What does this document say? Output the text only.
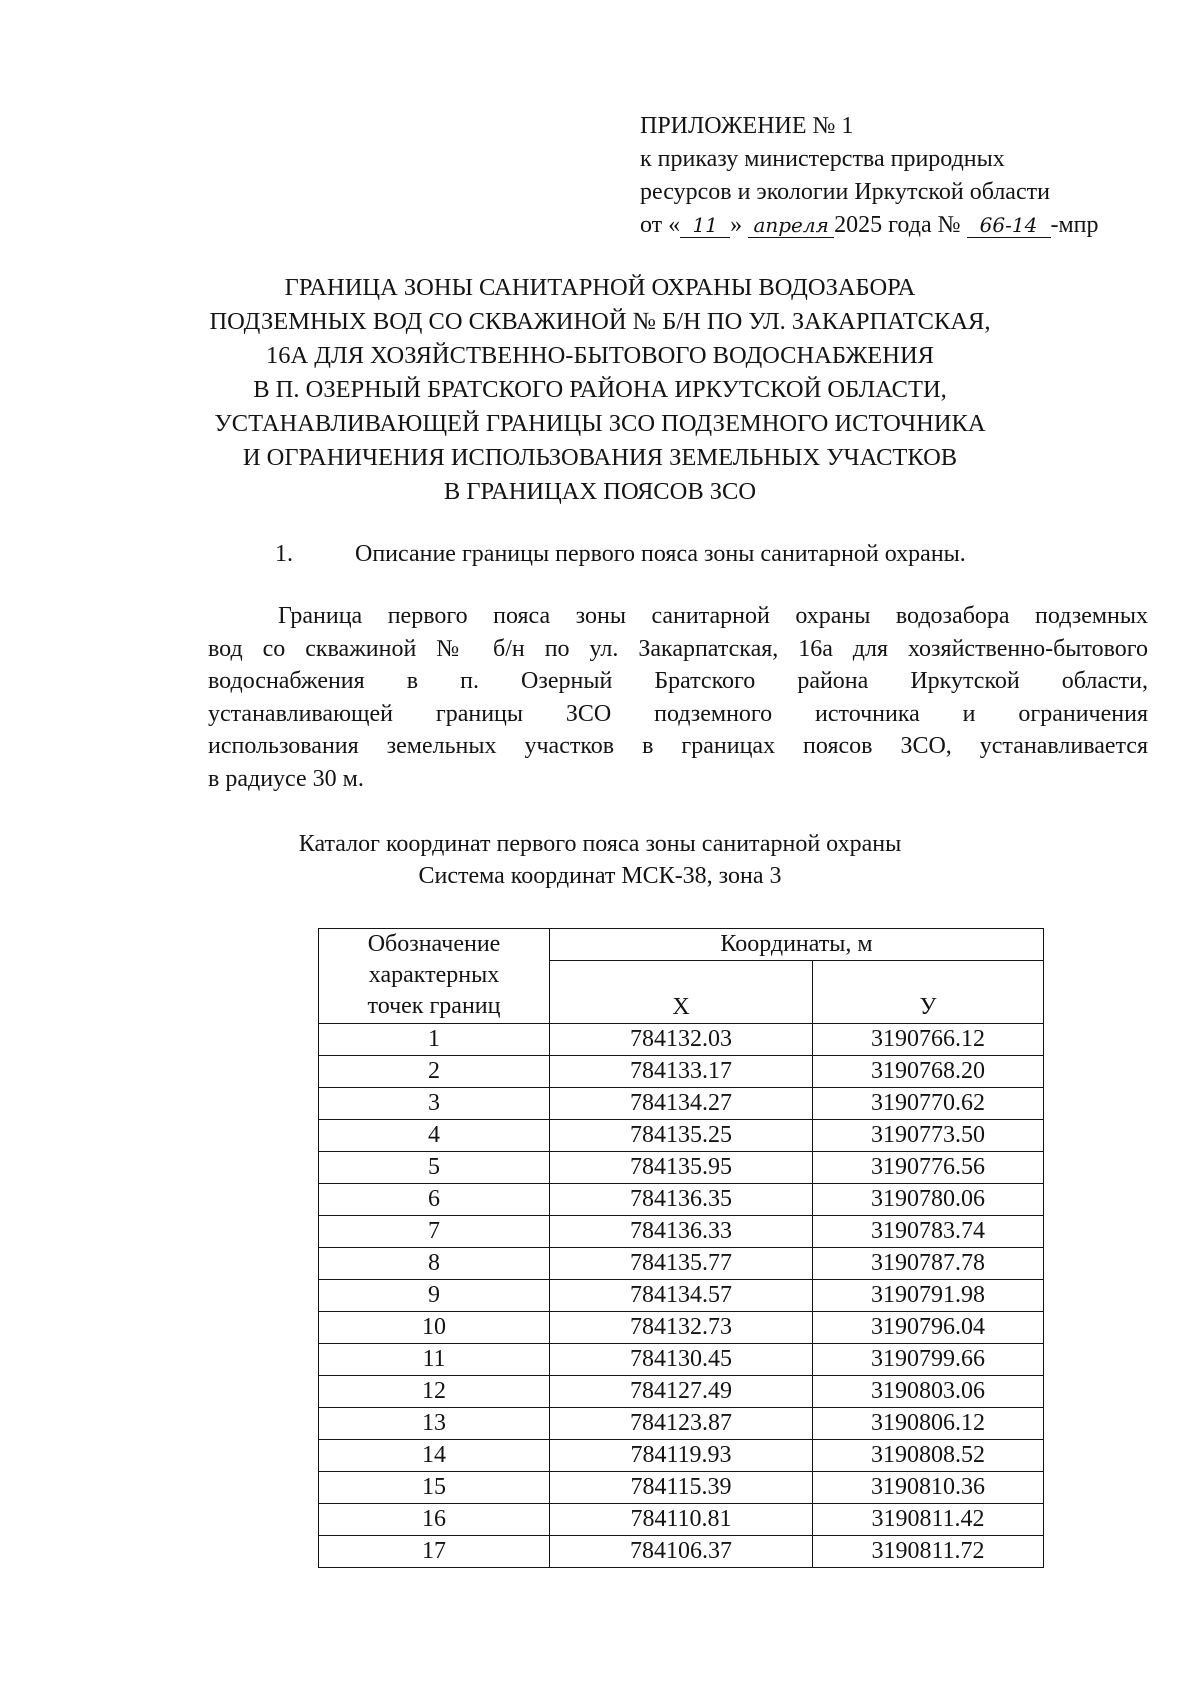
ПРИЛОЖЕНИЕ № 1
к приказу министерства природных
ресурсов и экологии Иркутской области
от « 11 » апреля 2025 года № 66-14 -мпр
ГРАНИЦА ЗОНЫ САНИТАРНОЙ ОХРАНЫ ВОДОЗАБОРА
ПОДЗЕМНЫХ ВОД СО СКВАЖИНОЙ № Б/Н ПО УЛ. ЗАКАРПАТСКАЯ,
16А ДЛЯ ХОЗЯЙСТВЕННО-БЫТОВОГО ВОДОСНАБЖЕНИЯ
В П. ОЗЕРНЫЙ БРАТСКОГО РАЙОНА ИРКУТСКОЙ ОБЛАСТИ,
УСТАНАВЛИВАЮЩЕЙ ГРАНИЦЫ ЗСО ПОДЗЕМНОГО ИСТОЧНИКА
И ОГРАНИЧЕНИЯ ИСПОЛЬЗОВАНИЯ ЗЕМЕЛЬНЫХ УЧАСТКОВ
В ГРАНИЦАХ ПОЯСОВ ЗСО
1.	Описание границы первого пояса зоны санитарной охраны.
Граница первого пояса зоны санитарной охраны водозабора подземных
вод со скважиной № б/н по ул. Закарпатская, 16а для хозяйственно-бытового
водоснабжения в п. Озерный Братского района Иркутской области,
устанавливающей границы ЗСО подземного источника и ограничения
использования земельных участков в границах поясов ЗСО, устанавливается
в радиусе 30 м.
Каталог координат первого пояса зоны санитарной охраны
Система координат МСК-38, зона 3
Обозначение
характерных
точек границ	Координаты, м	
	X	У
1	784132.03	3190766.12
2	784133.17	3190768.20
3	784134.27	3190770.62
4	784135.25	3190773.50
5	784135.95	3190776.56
6	784136.35	3190780.06
7	784136.33	3190783.74
8	784135.77	3190787.78
9	784134.57	3190791.98
10	784132.73	3190796.04
11	784130.45	3190799.66
12	784127.49	3190803.06
13	784123.87	3190806.12
14	784119.93	3190808.52
15	784115.39	3190810.36
16	784110.81	3190811.42
17	784106.37	3190811.72
